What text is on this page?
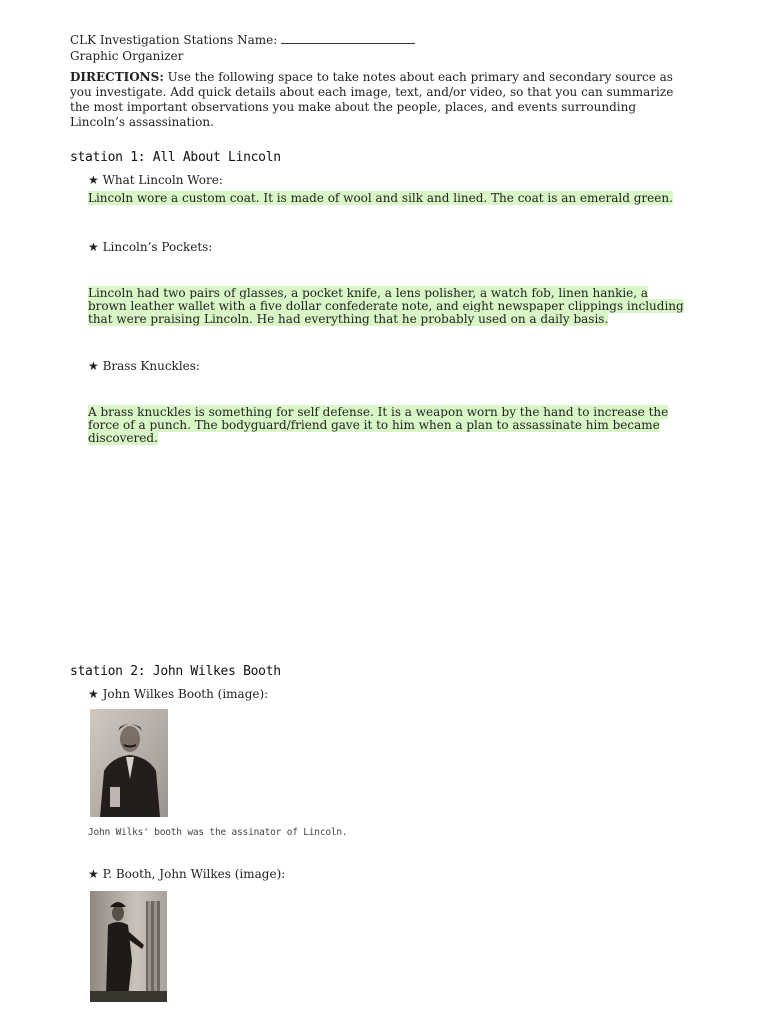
CLK Investigation Stations Name:
Graphic Organizer
DIRECTIONS: Use the following space to take notes about each primary and secondary source as you investigate. Add quick details about each image, text, and/or video, so that you can summarize the most important observations you make about the people, places, and events surrounding Lincoln’s assassination.
station 1: All About Lincoln
★ What Lincoln Wore:
Lincoln wore a custom coat. It is made of wool and silk and lined. The coat is an emerald green.
★ Lincoln’s Pockets:
Lincoln had two pairs of glasses, a pocket knife, a lens polisher, a watch fob, linen hankie, a brown leather wallet with a five dollar confederate note, and eight newspaper clippings including that were praising Lincoln. He had everything that he probably used on a daily basis.
★ Brass Knuckles:
A brass knuckles is something for self defense. It is a weapon worn by the hand to increase the force of a punch. The bodyguard/friend gave it to him when a plan to assassinate him became discovered.
station 2: John Wilkes Booth
★ John Wilkes Booth (image):
John Wilks' booth was the assinator of Lincoln.
★ P. Booth, John Wilkes (image):
